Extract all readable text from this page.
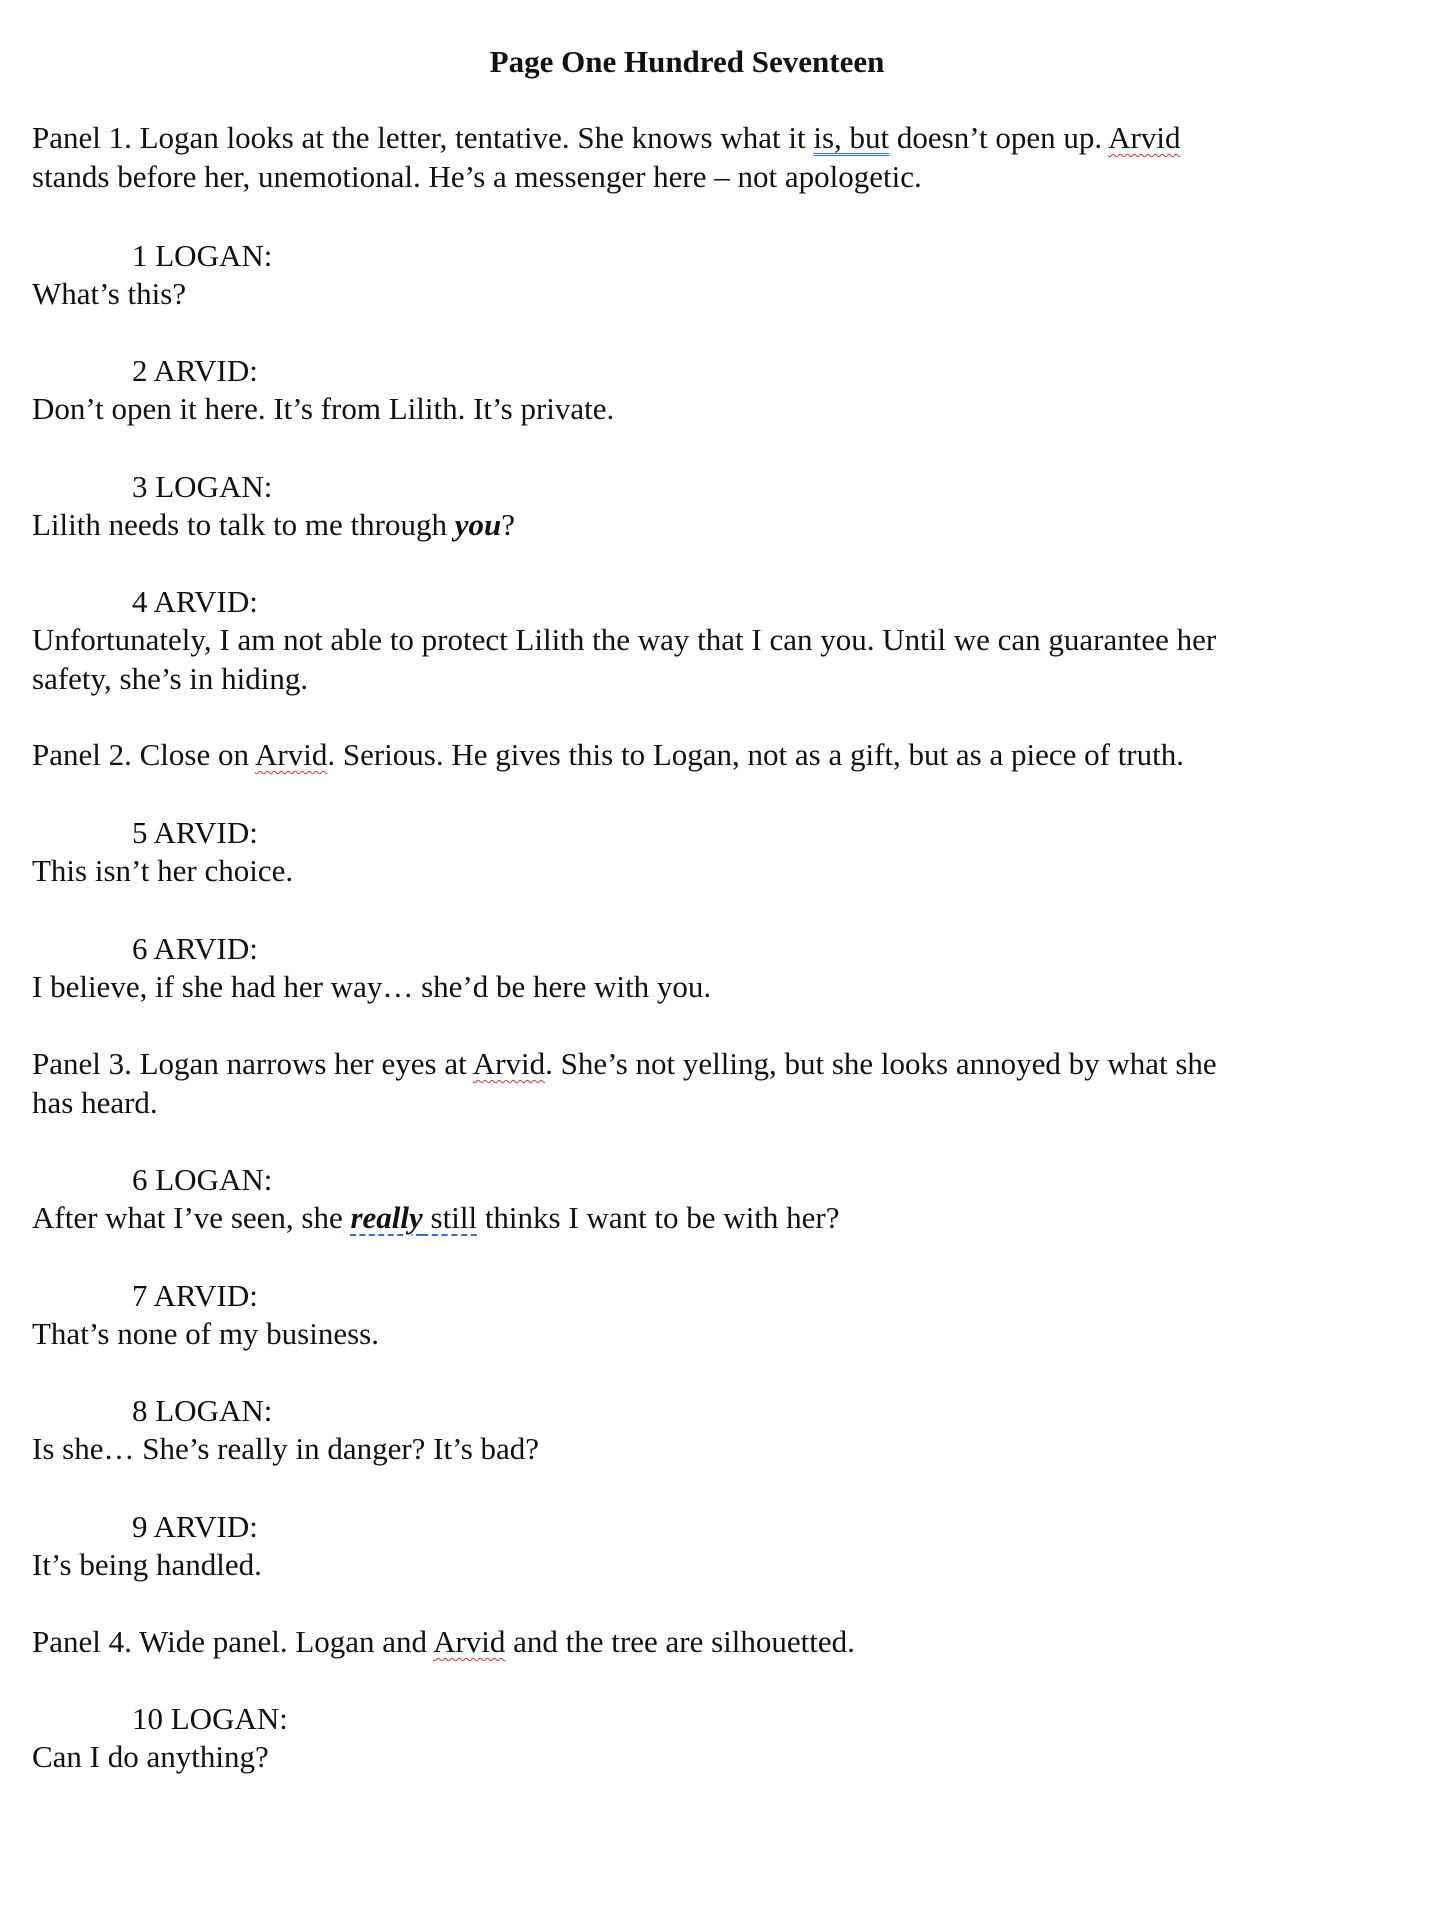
Page One Hundred Seventeen
Panel 1. Logan looks at the letter, tentative. She knows what it is, but doesn’t open up. Arvid
stands before her, unemotional. He’s a messenger here – not apologetic.
1 LOGAN:
What’s this?
2 ARVID:
Don’t open it here. It’s from Lilith. It’s private.
3 LOGAN:
Lilith needs to talk to me through you?
4 ARVID:
Unfortunately, I am not able to protect Lilith the way that I can you. Until we can guarantee her
safety, she’s in hiding.
Panel 2. Close on Arvid. Serious. He gives this to Logan, not as a gift, but as a piece of truth.
5 ARVID:
This isn’t her choice.
6 ARVID:
I believe, if she had her way… she’d be here with you.
Panel 3. Logan narrows her eyes at Arvid. She’s not yelling, but she looks annoyed by what she
has heard.
6 LOGAN:
After what I’ve seen, she really still thinks I want to be with her?
7 ARVID:
That’s none of my business.
8 LOGAN:
Is she… She’s really in danger? It’s bad?
9 ARVID:
It’s being handled.
Panel 4. Wide panel. Logan and Arvid and the tree are silhouetted.
10 LOGAN:
Can I do anything?
